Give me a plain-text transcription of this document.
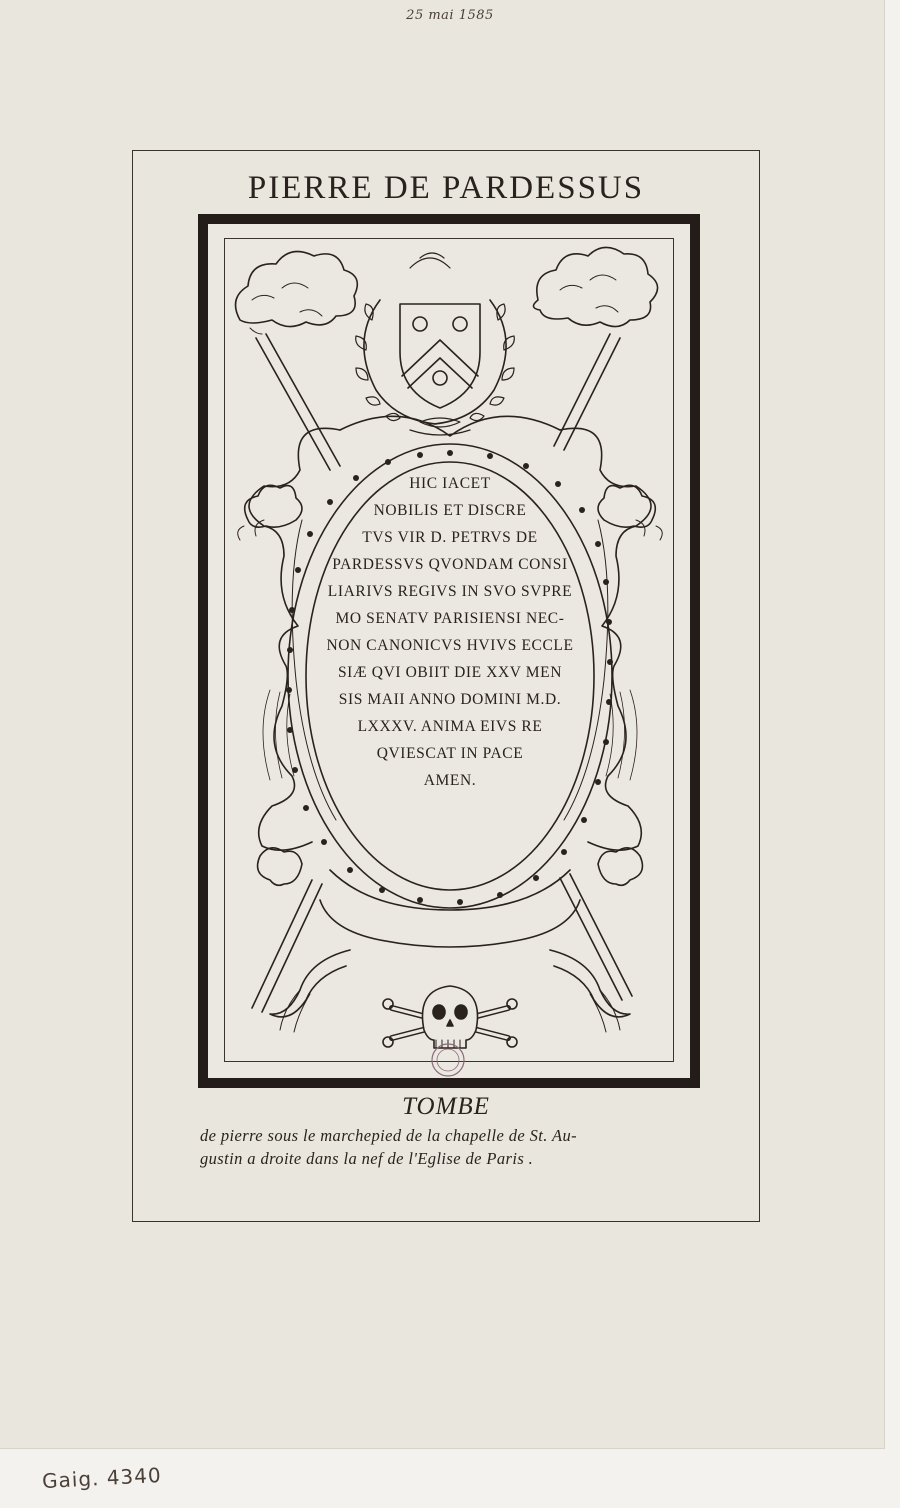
25 mai 1585
PIERRE DE PARDESSUS
HIC IACET
NOBILIS ET DISCRE
TVS VIR D. PETRVS DE
PARDESSVS QVONDAM CONSI
LIARIVS REGIVS IN SVO SVPRE
MO SENATV PARISIENSI NEC-
NON CANONICVS HVIVS ECCLE
SIÆ QVI OBIIT DIE XXV MEN
SIS MAII ANNO DOMINI M.D.
LXXXV. ANIMA EIVS RE
QVIESCAT IN PACE
AMEN.
TOMBE
de pierre sous le marchepied de la chapelle de St. Au-
gustin a droite dans la nef de l'Eglise de Paris .
Gaig. 4340
